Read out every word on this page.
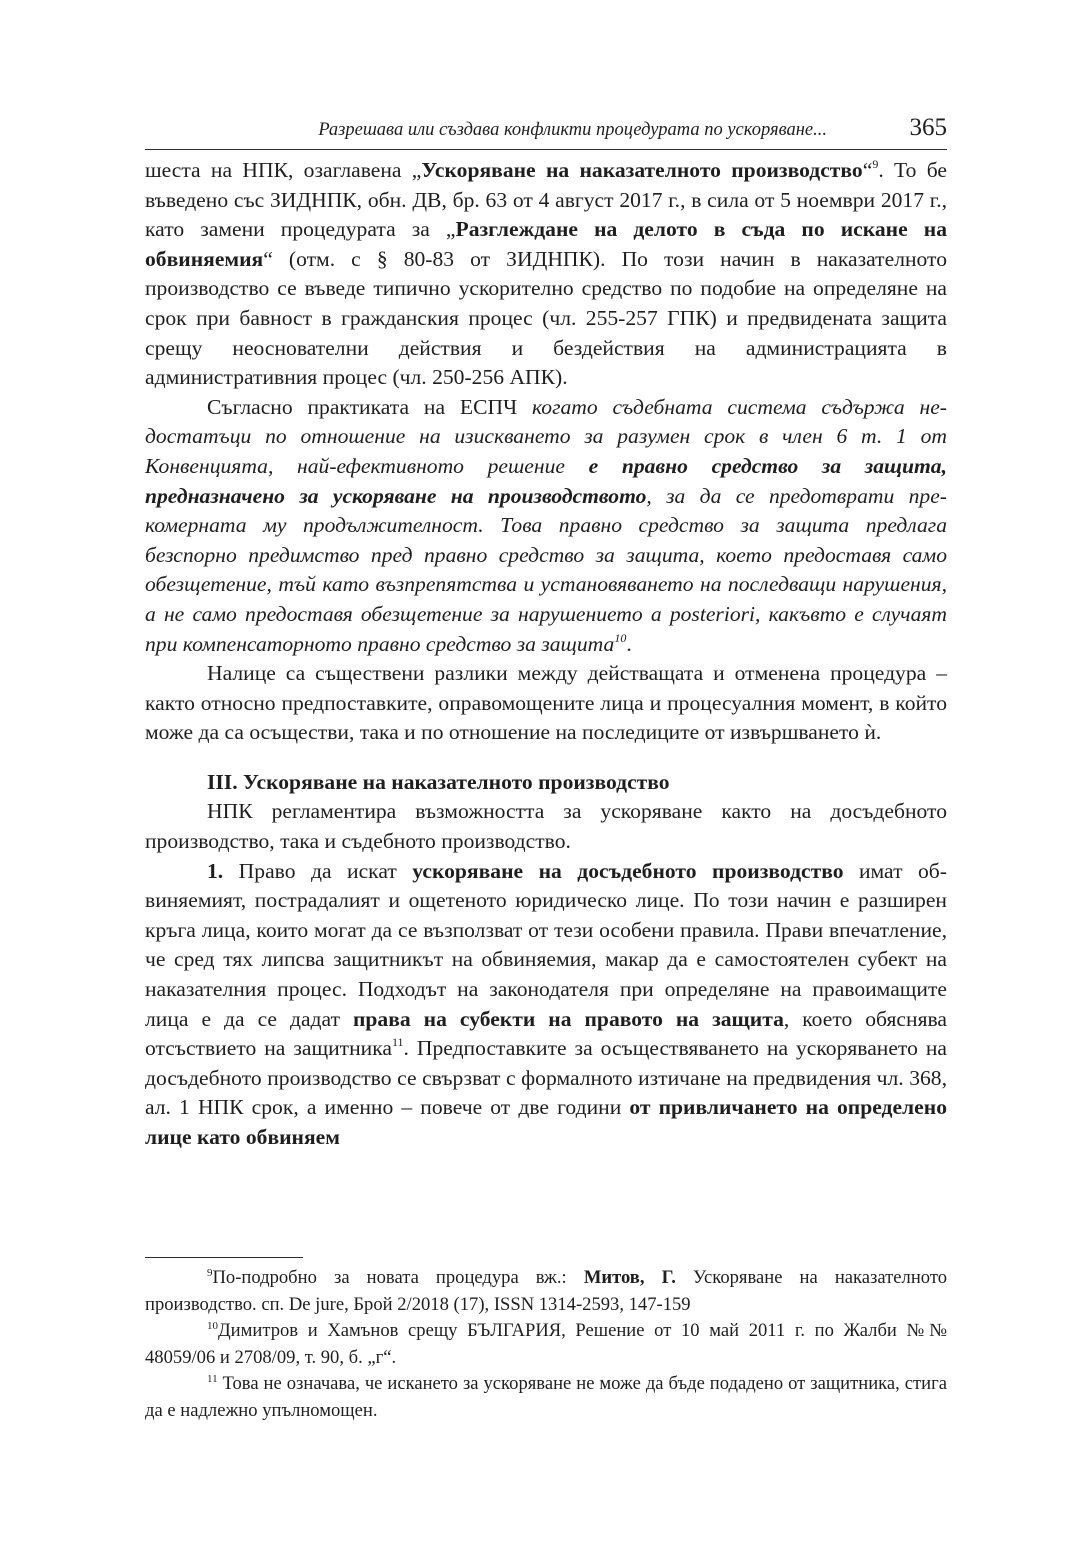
Разрешава или създава конфликти процедурата по ускоряване...	365

шеста на НПК, озаглавена „Ускоряване на наказателното производство“$^9$. То бе въведено със ЗИДНПК, обн. ДВ, бр. 63 от 4 август 2017 г., в сила от 5 ноември 2017 г., като замени процедурата за „Разглеждане на делото в съда по искане на обвиняемия“ (отм. с § 80-83 от ЗИДНПК). По този начин в наказателното производство се въведе типично ускорително средство по подобие на определяне на срок при бавност в гражданския процес (чл. 255-257 ГПК) и предвидената защита срещу неоснователни действия и бездействия на администрацията в административния процес (чл. 250-256 АПК).

Съгласно практиката на ЕСПЧ когато съдебната система съдържа недостатъци по отношение на изискването за разумен срок в член 6 т. 1 от Конвенцията, най-ефективното решение е правно средство за защита, предназначено за ускоряване на производството, за да се предотврати прекомерната му продължителност. Това правно средство за защита предлага безспорно предимство пред правно средство за защита, което предоставя само обезщетение, тъй като възпрепятства и установяването на последващи нарушения, а не само предоставя обезщетение за нарушението a posteriori, какъвто е случаят при компенсаторното правно средство за защита$^{10}$.

Налице са съществени разлики между действащата и отменена процедура – както относно предпоставките, оправомощените лица и процесуалния момент, в който може да са осъществи, така и по отношение на последиците от извършването ѝ.

III. Ускоряване на наказателното производство

НПК регламентира възможността за ускоряване както на досъдебното производство, така и съдебното производство.

1. Право да искат ускоряване на досъдебното производство имат обвиняемият, пострадалият и ощетеното юридическо лице. По този начин е разширен кръга лица, които могат да се възползват от тези особени правила. Прави впечатление, че сред тях липсва защитникът на обвиняемия, макар да е самостоятелен субект на наказателния процес. Подходът на законодателя при определяне на правоимащите лица е да се дадат права на субекти на правото на защита, което обяснява отсъствието на защитника$^{11}$. Предпоставките за осъществяването на ускоряването на досъдебното производство се свързват с формалното изтичане на предвидения чл. 368, ал. 1 НПК срок, а именно – повече от две години от привличането на определено лице като обвиняем

$^9$По-подробно за новата процедура вж.: Митов, Г. Ускоряване на наказателното производство. сп. De jure, Брой 2/2018 (17), ISSN 1314-2593, 147-159

$^{10}$Димитров и Хамънов срещу БЪЛГАРИЯ, Решение от 10 май 2011 г. по Жалби №№ 48059/06 и 2708/09, т. 90, б. „г“.

$^{11}$ Това не означава, че искането за ускоряване не може да бъде подадено от защитника, стига да е надлежно упълномощен.
